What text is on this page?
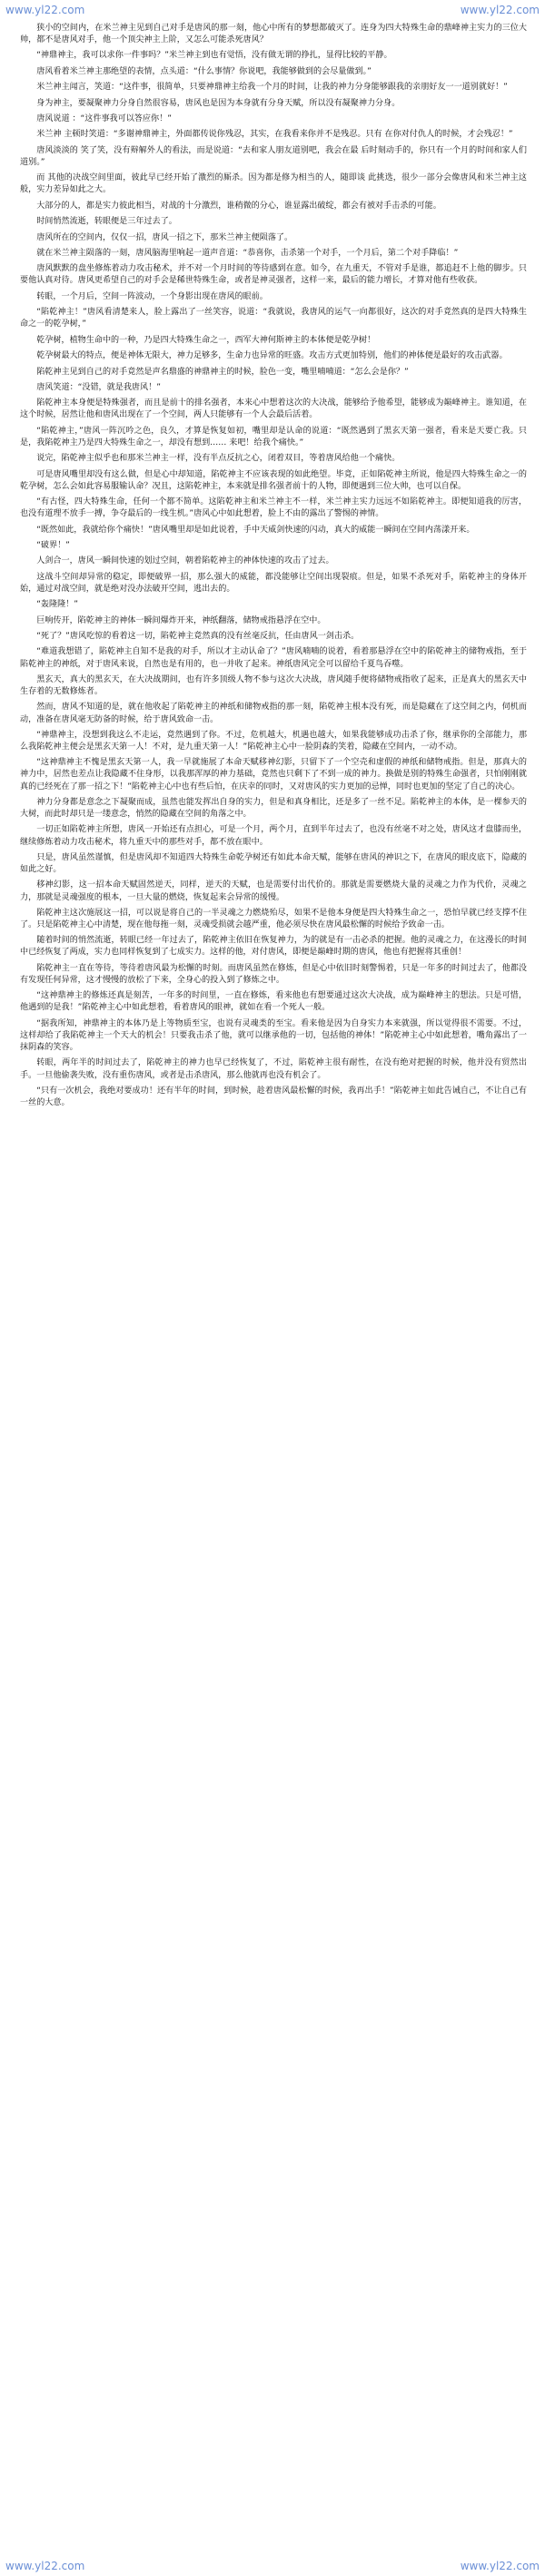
www.yl22.com	www.yl22.com

狭小的空间内，在米兰神主见到自己对手是唐风的那一刻，他心中所有的梦想都破灭了。连身为四大特殊生命的鼎峰神主实力的三位大帅，都不是唐风对手，他一个顶尖神主上阶，又怎么可能杀死唐风？

“神鼎神主，我可以求你一件事吗？”米兰神主到也有觉悟，没有做无谓的挣扎，显得比较的平静。

唐风看着米兰神主那绝望的表情，点头道：“什么事情？你说吧，我能够做到的会尽量做到。”

米兰神主闻言，笑道：“这件事，很简单，只要神鼎神主给我一个月的时间，让我的神力分身能够跟我的亲朋好友一一道别就好！”

身为神主，要凝聚神力分身自然很容易，唐风也是因为本身就有分身天赋，所以没有凝聚神力分身。

唐风说道 ：“这件事我可以答应你！”

米兰神 主顿时笑道：“多谢神鼎神主，外面都传说你残忍，其实，在我看来你并不是残忍。只有 在你对付仇人的时候，才会残忍！”

唐风淡淡的 笑了笑，没有辩解外人的看法，而是说道：“去和家人朋友道别吧，我会在最 后时刻动手的，你只有一个月的时间和家人们道别。”

而 其他的决战空间里面，彼此早已经开始了激烈的厮杀。因为都是修为相当的人，随即谈 此挑选，很少一部分会像唐风和米兰神主这般，实力差异如此之大。

大部分的人，都是实力彼此相当，对战的十分激烈，谁稍微的分心，谁显露出破绽，都会有被对手击杀的可能。

时间悄然流逝，转眼便是三年过去了。

唐风所在的空间内，仅仅一招，唐风一招之下，那米兰神主便陨落了。

就在米兰神主陨落的一刻，唐风脑海里响起一道声音道：“恭喜你，击杀第一个对手，一个月后，第二个对手降临！”

唐风默默的盘坐修炼着动力攻击秘术，并不对一个月时间的等待感到在意。如今，在九重天，不管对手是谁，都追赶不上他的脚步。只要他认真对待。唐风更希望自己的对手会是稀世特殊生命，或者是神灵强者，这样一来，最后的能力增长，才算对他有些收获。

转眼，一个月后，空间一阵波动，一个身影出现在唐风的眼前。

“陷乾神主！”唐风看清楚来人，脸上露出了一丝笑容，说道：“我就说，我唐风的运气一向都很好，这次的对手竟然真的是四大特殊生命之一的乾孕树，”

乾孕树，植物生命中的一种，乃是四大特殊生命之一，西军大神何斯神主的本体便是乾孕树！

乾孕树最大的特点，便是神体无限大，神力足够多，生命力也异常的旺盛。攻击方式更加特别，他们的神体便是最好的攻击武器。

陷乾神主见到自己的对手竟然是声名鼎盛的神鼎神主的时候，脸色一变，嘴里喃喃道：“怎么会是你？”

唐风笑道：“没错，就是我唐风！”

陷乾神主本身便是特殊强者，而且是前十的排名强者，本来心中想着这次的大决战，能够给予他希望，能够成为巅峰神主。谁知道，在这个时候，居然让他和唐风出现在了一个空间，两人只能够有一个人会最后活着。

“陷乾神主，”唐风一阵沉吟之色，良久，才算是恢复如初，嘴里却是认命的说道：“既然遇到了黑玄天第一强者，看来是天要亡我。只是，我陷乾神主乃是四大特殊生命之一，却没有想到…… 来吧！给我个痛快。”

说完，陷乾神主似乎也和那米兰神主一样，没有半点反抗之心，闭着双目，等着唐风给他一个痛快。

可是唐风嘴里却没有这么做，但是心中却知道，陷乾神主不应该表现的如此绝望。毕竟，正如陷乾神主所说，他是四大特殊生命之一的乾孕树，怎么会如此容易服输认命？况且，这陷乾神主，本来就是排名强者前十的人物，即便遇到三位大帅，也可以自保。

“有古怪，四大特殊生命，任何一个都不简单。这陷乾神主和米兰神主不一样，米兰神主实力远远不如陷乾神主。即便知道我的厉害，也没有道理不放手一搏，争夺最后的一线生机。”唐风心中如此想着，脸上不由的露出了警惕的神情。

“既然如此，我就给你个痛快！”唐风嘴里却是如此说着，手中天威剑快速的闪动，真大的威能一瞬间在空间内荡漾开来。

“破界！”

人剑合一，唐风一瞬间快速的划过空间，朝着陷乾神主的神体快速的攻击了过去。

这战斗空间却异常的稳定，即便破界一招，那么强大的威能，都没能够让空间出现裂痕。但是，如果不杀死对手，陷乾神主的身体开始，通过对战空间，就是绝对没办法破开空间，逃出去的。

“轰隆隆！”

巨响传开，陷乾神主的神体一瞬间爆炸开来，神纸翻落，储物戒指悬浮在空中。

“死了？”唐风吃惊的看着这一切，陷乾神主竟然真的没有丝毫反抗，任由唐风一剑击杀。

“难道我想错了，陷乾神主自知不是我的对手，所以才主动认命了？”唐风喃喃的说着，看着那悬浮在空中的陷乾神主的储物戒指，至于陷乾神主的神纸，对于唐风来说，自然也是有用的，也一并收了起来。神纸唐风完全可以留给千夏鸟吞噬。

黑玄天，真大的黑玄天，在大决战期间，也有许多顶级人物不参与这次大决战，唐风随手便将储物戒指收了起来，正是真大的黑玄天中生存着的无数修炼者。

然而，唐风不知道的是，就在他收起了陷乾神主的神纸和储物戒指的那一刻，陷乾神主根本没有死，而是隐藏在了这空间之内，伺机而动，准备在唐风毫无防备的时候，给于唐风致命一击。

“神鼎神主，没想到我这么不走运，竟然遇到了你。不过，危机越大，机遇也越大，如果我能够成功击杀了你，继承你的全部能力，那么我陷乾神主便会是黑玄天第一人！不对，是九重天第一人！”陷乾神主心中一脸阴森的笑着，隐藏在空间内，一动不动。

“这神鼎神主不愧是黑玄天第一人，我一早就施展了本命天赋移神幻影，只留下了一个空壳和虚假的神纸和储物戒指。但是，那真大的神力中，居然也差点让我隐藏不住身形，以我那浑厚的神力基础，竟然也只剩下了不到一成的神力。换做是别的特殊生命强者，只怕刚刚就真的已经死在了那一招之下！”陷乾神主心中也有些后怕，在庆幸的同时，又对唐风的实力更加的忌惮，同时也更加的坚定了自己的决心。

神力分身都是意念之下凝聚而成，虽然也能发挥出自身的实力，但是和真身相比，还是多了一丝不足。陷乾神主的本体，是一棵参天的大树，而此时却只是一缕意念，悄然的隐藏在空间的角落之中。

一切正如陷乾神主所想，唐风一开始还有点担心，可是一个月，两个月，直到半年过去了，也没有丝毫不对之处，唐风这才盘膝而坐，继续修炼着动力攻击秘术，将九重天中的那些对手，都不放在眼中。

只是，唐风虽然谨慎，但是唐风却不知道四大特殊生命乾孕树还有如此本命天赋，能够在唐风的神识之下，在唐风的眼皮底下，隐藏的如此之好。

移神幻影，这一招本命天赋固然逆天，同样，逆天的天赋，也是需要付出代价的。那就是需要燃烧大量的灵魂之力作为代价，灵魂之力，那就是灵魂强度的根本，一旦大量的燃烧，恢复起来会异常的缓慢。

陷乾神主这次施展这一招，可以说是将自己的一半灵魂之力燃烧殆尽，如果不是他本身便是四大特殊生命之一，恐怕早就已经支撑不住了。只是陷乾神主心中清楚，现在他每拖一刻，灵魂受损就会越严重，他必须尽快在唐风最松懈的时候给予致命一击。

随着时间的悄然流逝，转眼已经一年过去了，陷乾神主依旧在恢复神力，为的就是有一击必杀的把握。他的灵魂之力，在这漫长的时间中已经恢复了两成，实力也同样恢复到了七成实力。这样的他，对付唐风，即便是巅峰时期的唐风，他也有把握将其重创！

陷乾神主一直在等待，等待着唐风最为松懈的时刻。而唐风虽然在修炼，但是心中依旧时刻警惕着，只是一年多的时间过去了，他都没有发现任何异常，这才慢慢的放松了下来，全身心的投入到了修炼之中。

“这神鼎神主的修炼还真是刻苦，一年多的时间里，一直在修炼，看来他也有想要通过这次大决战，成为巅峰神主的想法。只是可惜，他遇到的是我！”陷乾神主心中如此想着，看着唐风的眼神，就如在看一个死人一般。

“据我所知，神鼎神主的本体乃是上等物质至宝，也说有灵魂类的至宝。看来他是因为自身实力本来就强，所以觉得很不需要。不过，这样却给了我陷乾神主一个天大的机会！只要我击杀了他，就可以继承他的一切，包括他的神体！”陷乾神主心中如此想着，嘴角露出了一抹阴森的笑容。

转眼，两年半的时间过去了，陷乾神主的神力也早已经恢复了，不过，陷乾神主很有耐性，在没有绝对把握的时候，他并没有贸然出手。一旦他偷袭失败，没有重伤唐风，或者是击杀唐风，那么他就再也没有机会了。

“只有一次机会，我绝对要成功！还有半年的时间，到时候，趁着唐风最松懈的时候，我再出手！”陷乾神主如此告诫自己，不让自己有一丝的大意。

www.yl22.com	www.yl22.com
